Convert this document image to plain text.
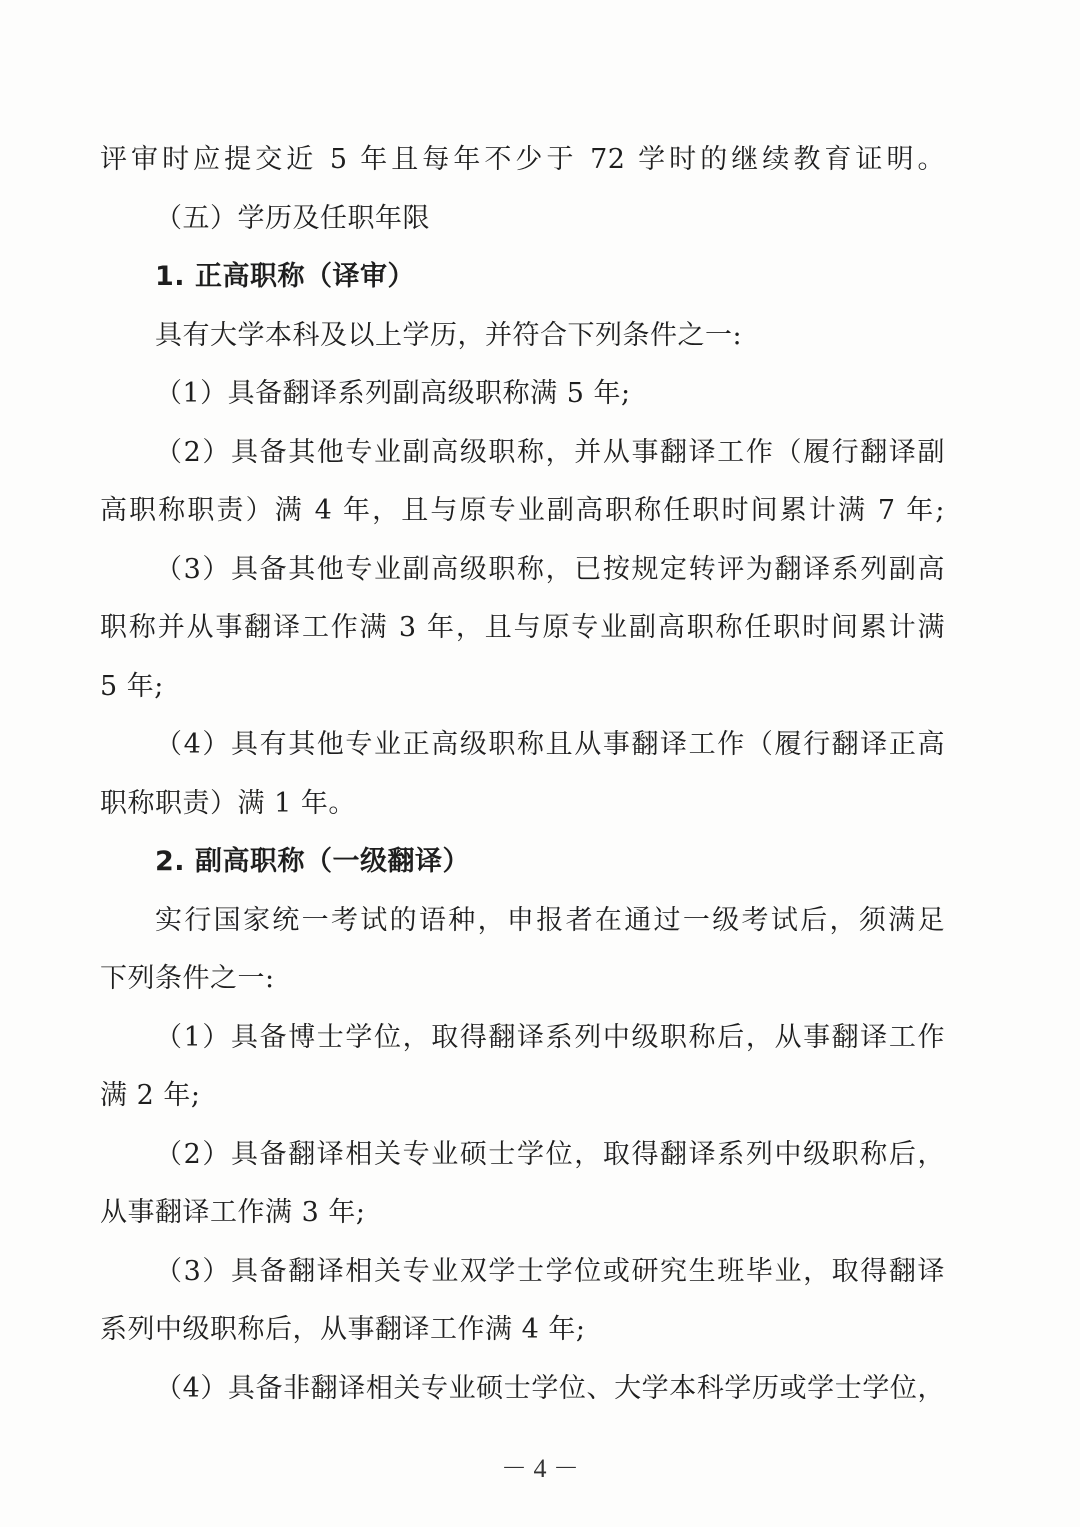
评审时应提交近 5 年且每年不少于 72 学时的继续教育证明。
（五）学历及任职年限
1. 正高职称（译审）
具有大学本科及以上学历，并符合下列条件之一:
（1）具备翻译系列副高级职称满 5 年;
（2）具备其他专业副高级职称，并从事翻译工作（履行翻译副
高职称职责）满 4 年，且与原专业副高职称任职时间累计满 7 年;
（3）具备其他专业副高级职称，已按规定转评为翻译系列副高
职称并从事翻译工作满 3 年，且与原专业副高职称任职时间累计满
5 年;
（4）具有其他专业正高级职称且从事翻译工作（履行翻译正高
职称职责）满 1 年。
2. 副高职称（一级翻译）
实行国家统一考试的语种，申报者在通过一级考试后，须满足
下列条件之一:
（1）具备博士学位，取得翻译系列中级职称后，从事翻译工作
满 2 年;
（2）具备翻译相关专业硕士学位，取得翻译系列中级职称后，
从事翻译工作满 3 年;
（3）具备翻译相关专业双学士学位或研究生班毕业，取得翻译
系列中级职称后，从事翻译工作满 4 年;
（4）具备非翻译相关专业硕士学位、大学本科学历或学士学位，
－ 4 －
